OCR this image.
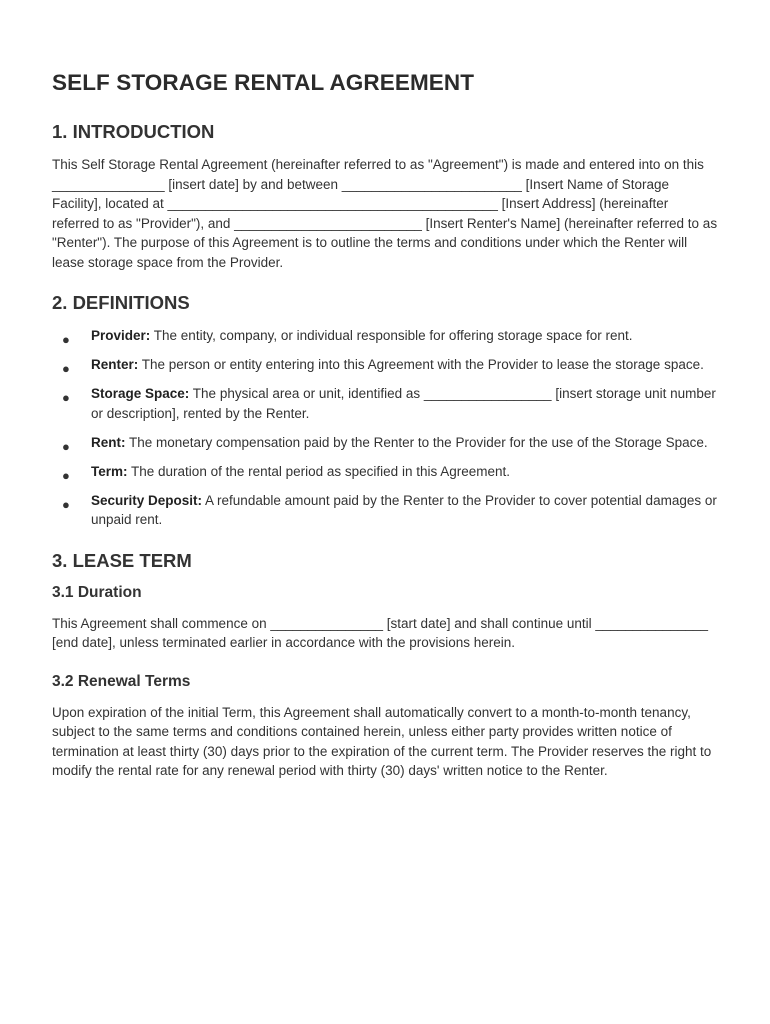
SELF STORAGE RENTAL AGREEMENT
1. INTRODUCTION

This Self Storage Rental Agreement (hereinafter referred to as "Agreement") is made and entered into on this _______________ [insert date] by and between ________________________ [Insert Name of Storage Facility], located at ____________________________________________ [Insert Address] (hereinafter referred to as "Provider"), and _________________________ [Insert Renter's Name] (hereinafter referred to as "Renter"). The purpose of this Agreement is to outline the terms and conditions under which the Renter will lease storage space from the Provider.

2. DEFINITIONS
● Provider: The entity, company, or individual responsible for offering storage space for rent.
● Renter: The person or entity entering into this Agreement with the Provider to lease the storage space.
● Storage Space: The physical area or unit, identified as _________________ [insert storage unit number or description], rented by the Renter.
● Rent: The monetary compensation paid by the Renter to the Provider for the use of the Storage Space.
● Term: The duration of the rental period as specified in this Agreement.
● Security Deposit: A refundable amount paid by the Renter to the Provider to cover potential damages or unpaid rent.
3. LEASE TERM
3.1 Duration

This Agreement shall commence on _______________ [start date] and shall continue until _______________ [end date], unless terminated earlier in accordance with the provisions herein.

3.2 Renewal Terms

Upon expiration of the initial Term, this Agreement shall automatically convert to a month-to-month tenancy, subject to the same terms and conditions contained herein, unless either party provides written notice of termination at least thirty (30) days prior to the expiration of the current term. The Provider reserves the right to modify the rental rate for any renewal period with thirty (30) days' written notice to the Renter.
